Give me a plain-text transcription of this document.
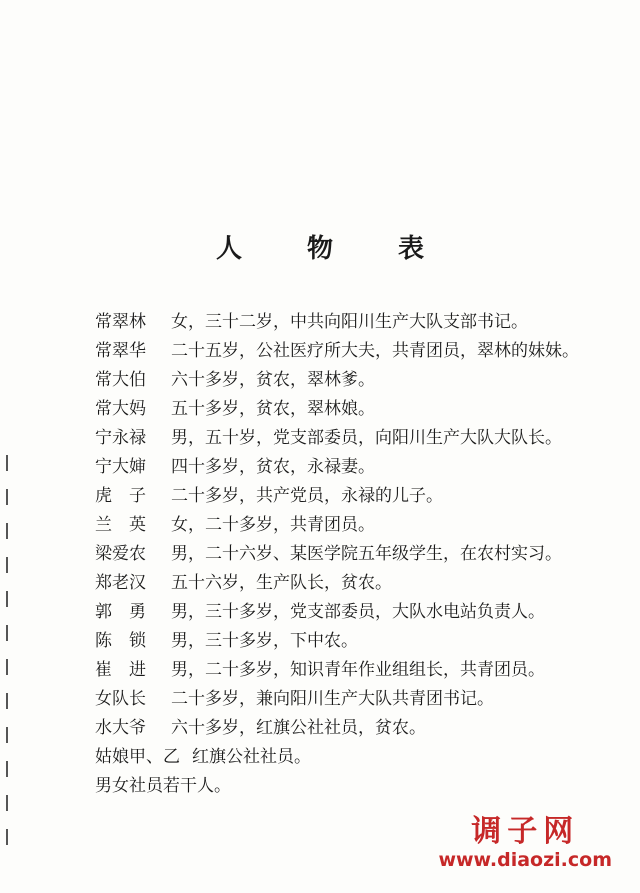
人 物 表
常翠林	女，三十二岁，中共向阳川生产大队支部书记。
常翠华	二十五岁，公社医疗所大夫，共青团员，翠林的妹妹。
常大伯	六十多岁，贫农，翠林爹。
常大妈	五十多岁，贫农，翠林娘。
宁永禄	男，五十岁，党支部委员，向阳川生产大队大队长。
宁大婶	四十多岁，贫农，永禄妻。
虎　子	二十多岁，共产党员，永禄的儿子。
兰　英	女，二十多岁，共青团员。
梁爱农	男，二十六岁、某医学院五年级学生，在农村实习。
郑老汉	五十六岁，生产队长，贫农。
郭　勇	男，三十多岁，党支部委员，大队水电站负责人。
陈　锁	男，三十多岁，下中农。
崔　进	男，二十多岁，知识青年作业组组长，共青团员。
女队长	二十多岁，兼向阳川生产大队共青团书记。
水大爷	六十多岁，红旗公社社员，贫农。
姑娘甲、乙 红旗公社社员。
男女社员若干人。
调子网
www.diaozi.com
